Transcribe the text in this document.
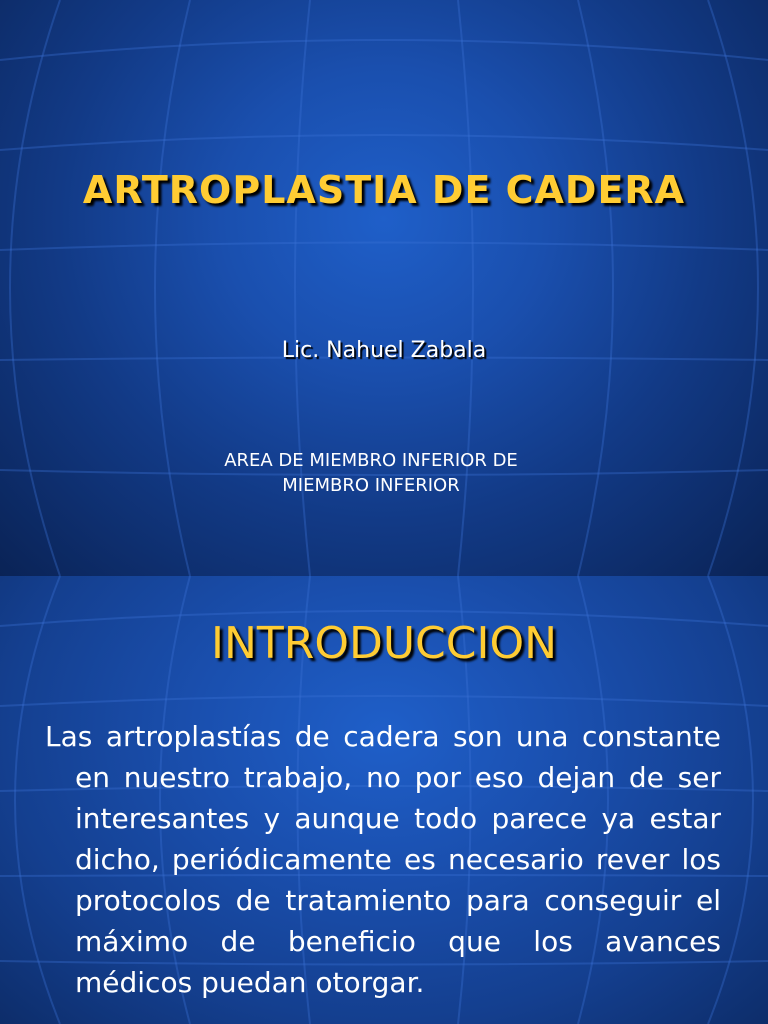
ARTROPLASTIA DE CADERA
Lic. Nahuel Zabala
AREA DE MIEMBRO INFERIOR DE
MIEMBRO INFERIOR
INTRODUCCION

Las artroplastías de cadera son una constante en nuestro trabajo, no por eso dejan de ser interesantes y aunque todo parece ya estar dicho, periódicamente es necesario rever los protocolos de tratamiento para conseguir el máximo de beneficio que los avances médicos puedan otorgar.
